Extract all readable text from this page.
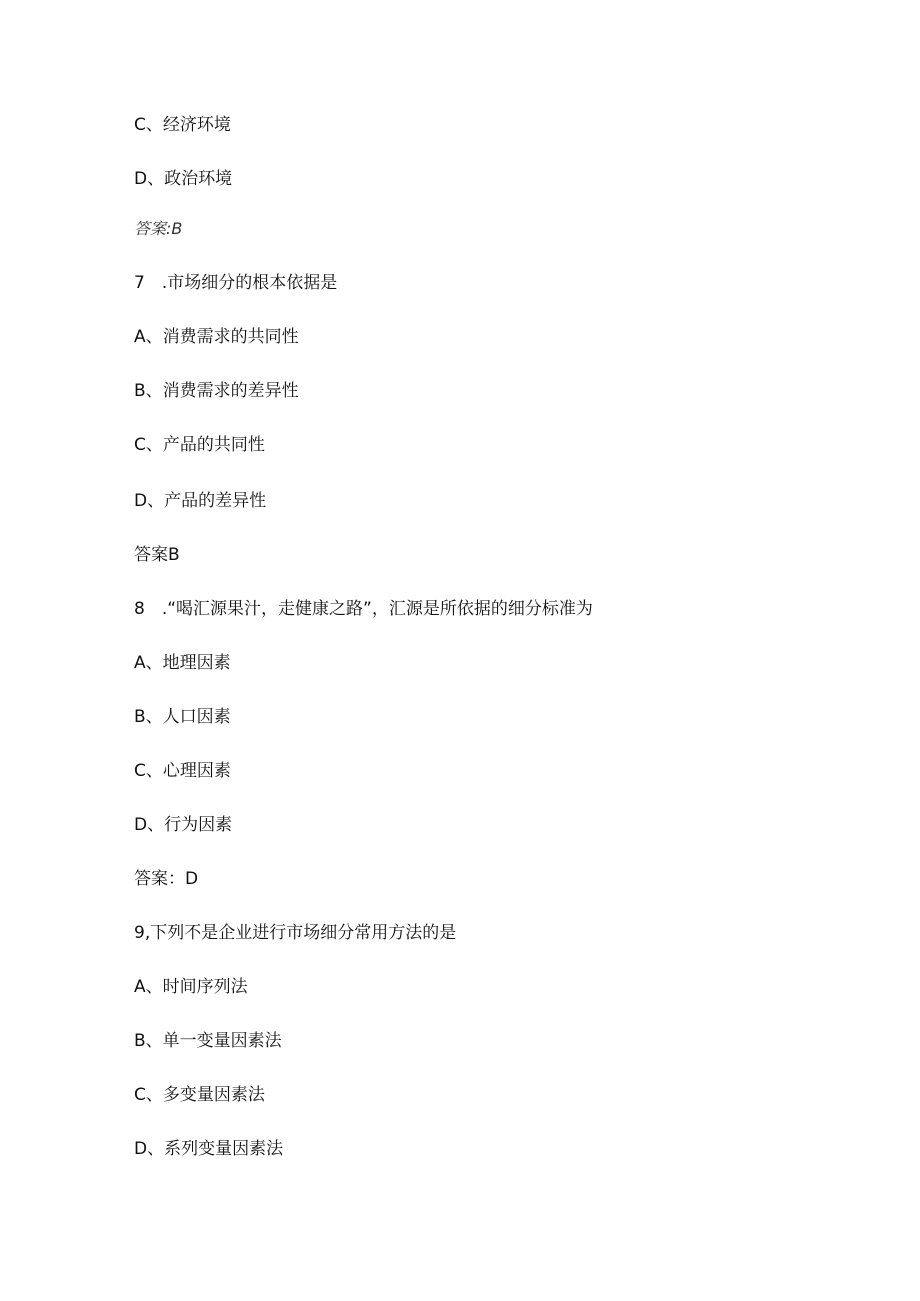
C、经济环境
D、政治环境
答案:B
7　.市场细分的根本依据是
A、消费需求的共同性
B、消费需求的差异性
C、产品的共同性
D、产品的差异性
答案B
8　.“喝汇源果汁，走健康之路”，汇源是所依据的细分标准为
A、地理因素
B、人口因素
C、心理因素
D、行为因素
答案：D
9,下列不是企业进行市场细分常用方法的是
A、时间序列法
B、单一变量因素法
C、多变量因素法
D、系列变量因素法
